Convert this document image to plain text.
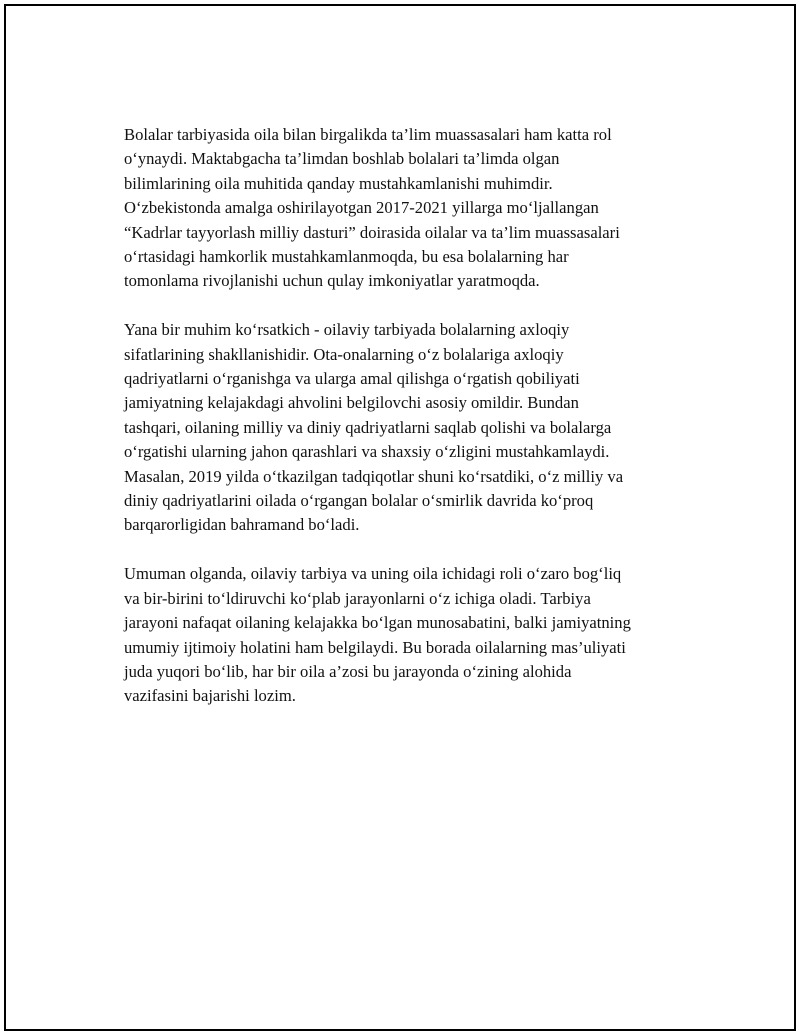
Bolalar tarbiyasida oila bilan birgalikda ta’lim muassasalari ham katta rol
o‘ynaydi. Maktabgacha ta’limdan boshlab bolalari ta’limda olgan
bilimlarining oila muhitida qanday mustahkamlanishi muhimdir.
O‘zbekistonda amalga oshirilayotgan 2017-2021 yillarga mo‘ljallangan
“Kadrlar tayyorlash milliy dasturi” doirasida oilalar va ta’lim muassasalari
o‘rtasidagi hamkorlik mustahkamlanmoqda, bu esa bolalarning har
tomonlama rivojlanishi uchun qulay imkoniyatlar yaratmoqda.

Yana bir muhim ko‘rsatkich - oilaviy tarbiyada bolalarning axloqiy
sifatlarining shakllanishidir. Ota-onalarning o‘z bolalariga axloqiy
qadriyatlarni o‘rganishga va ularga amal qilishga o‘rgatish qobiliyati
jamiyatning kelajakdagi ahvolini belgilovchi asosiy omildir. Bundan
tashqari, oilaning milliy va diniy qadriyatlarni saqlab qolishi va bolalarga
o‘rgatishi ularning jahon qarashlari va shaxsiy o‘zligini mustahkamlaydi.
Masalan, 2019 yilda o‘tkazilgan tadqiqotlar shuni ko‘rsatdiki, o‘z milliy va
diniy qadriyatlarini oilada o‘rgangan bolalar o‘smirlik davrida ko‘proq
barqarorligidan bahramand bo‘ladi.

Umuman olganda, oilaviy tarbiya va uning oila ichidagi roli o‘zaro bog‘liq
va bir-birini to‘ldiruvchi ko‘plab jarayonlarni o‘z ichiga oladi. Tarbiya
jarayoni nafaqat oilaning kelajakka bo‘lgan munosabatini, balki jamiyatning
umumiy ijtimoiy holatini ham belgilaydi. Bu borada oilalarning mas’uliyati
juda yuqori bo‘lib, har bir oila a’zosi bu jarayonda o‘zining alohida
vazifasini bajarishi lozim.
